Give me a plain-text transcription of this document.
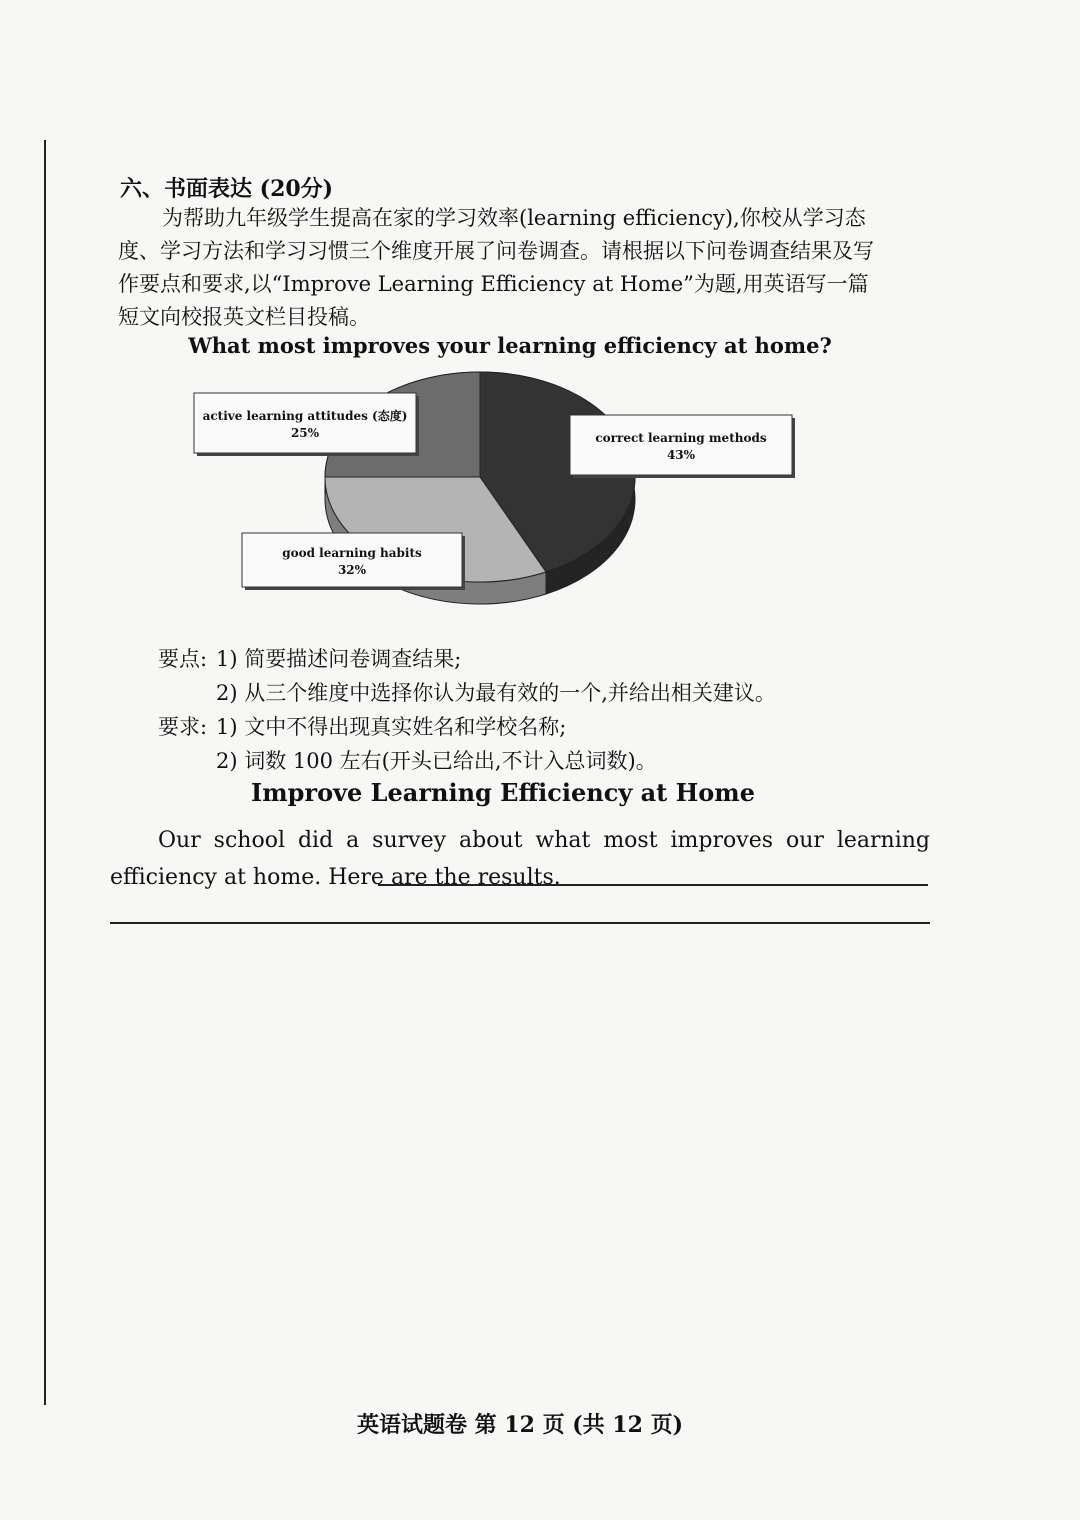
六、书面表达 (20分)
为帮助九年级学生提高在家的学习效率(learning efficiency),你校从学习态度、学习方法和学习习惯三个维度开展了问卷调查。请根据以下问卷调查结果及写作要点和要求,以“Improve Learning Efficiency at Home”为题,用英语写一篇短文向校报英文栏目投稿。
What most improves your learning efficiency at home?
correct learning methods
43%
good learning habits
32%
active learning attitudes (态度)
25%
要点: 1) 简要描述问卷调查结果;
2) 从三个维度中选择你认为最有效的一个,并给出相关建议。
要求: 1) 文中不得出现真实姓名和学校名称;
2) 词数 100 左右(开头已给出,不计入总词数)。
Improve Learning Efficiency at Home
Our school did a survey about what most improves our learning efficiency at home. Here are the results.
英语试题卷 第 12 页 (共 12 页)
